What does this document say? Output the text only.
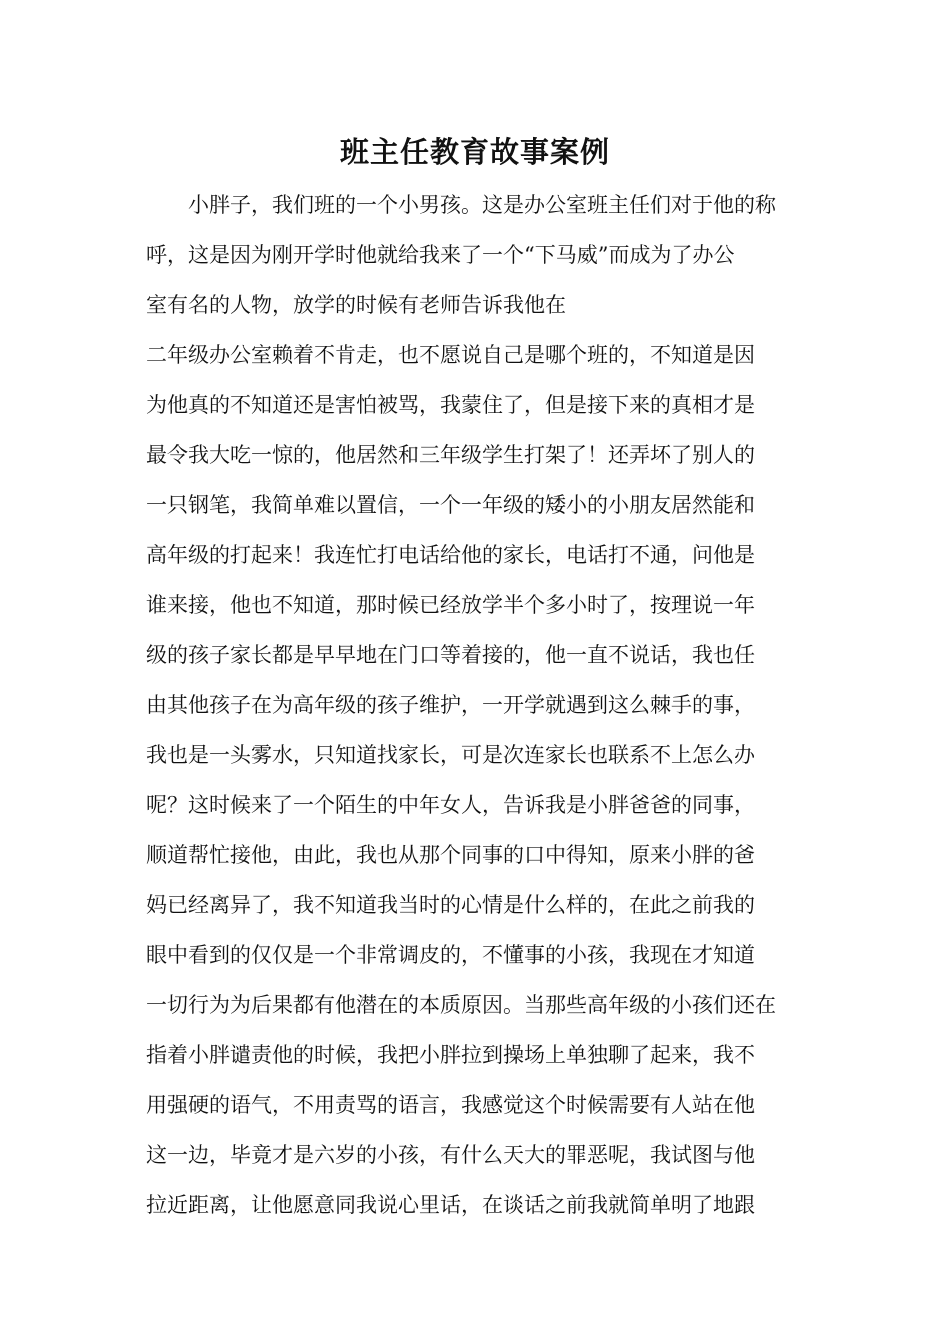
班主任教育故事案例
　　小胖子，我们班的一个小男孩。这是办公室班主任们对于他的称
呼，这是因为刚开学时他就给我来了一个“下马威”而成为了办公
室有名的人物，放学的时候有老师告诉我他在
二年级办公室赖着不肯走，也不愿说自己是哪个班的，不知道是因
为他真的不知道还是害怕被骂，我蒙住了，但是接下来的真相才是
最令我大吃一惊的，他居然和三年级学生打架了！还弄坏了别人的
一只钢笔，我简单难以置信，一个一年级的矮小的小朋友居然能和
高年级的打起来！我连忙打电话给他的家长，电话打不通，问他是
谁来接，他也不知道，那时候已经放学半个多小时了，按理说一年
级的孩子家长都是早早地在门口等着接的，他一直不说话，我也任
由其他孩子在为高年级的孩子维护，一开学就遇到这么棘手的事，
我也是一头雾水，只知道找家长，可是次连家长也联系不上怎么办
呢？这时候来了一个陌生的中年女人，告诉我是小胖爸爸的同事，
顺道帮忙接他，由此，我也从那个同事的口中得知，原来小胖的爸
妈已经离异了，我不知道我当时的心情是什么样的，在此之前我的
眼中看到的仅仅是一个非常调皮的，不懂事的小孩，我现在才知道
一切行为为后果都有他潜在的本质原因。当那些高年级的小孩们还在
指着小胖谴责他的时候，我把小胖拉到操场上单独聊了起来，我不
用强硬的语气，不用责骂的语言，我感觉这个时候需要有人站在他
这一边，毕竟才是六岁的小孩，有什么天大的罪恶呢，我试图与他
拉近距离，让他愿意同我说心里话，在谈话之前我就简单明了地跟
